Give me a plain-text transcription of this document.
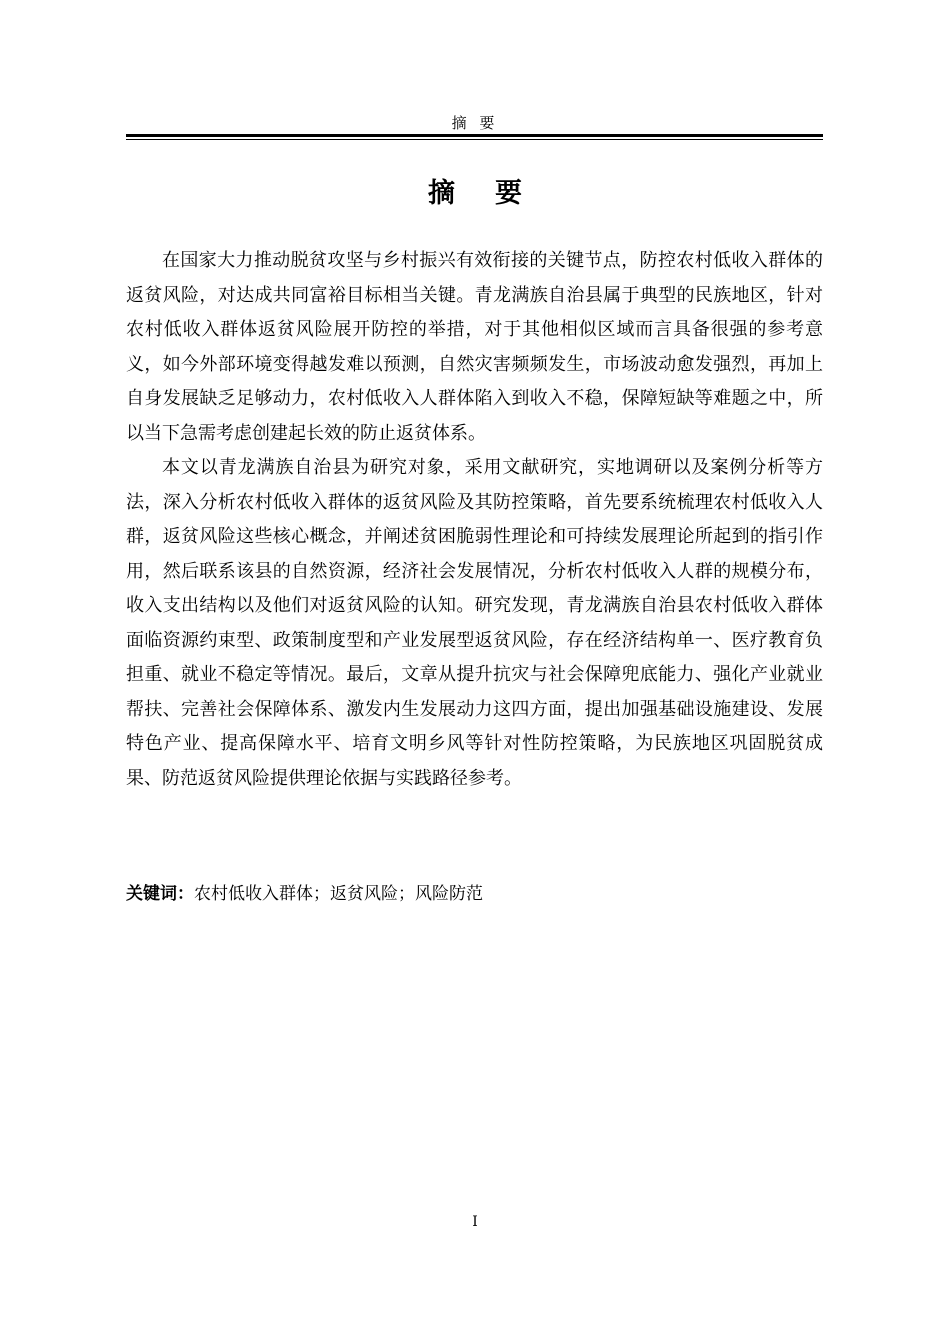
摘 要
摘要

在国家大力推动脱贫攻坚与乡村振兴有效衔接的关键节点，防控农村低收入群体的返贫风险，对达成共同富裕目标相当关键。青龙满族自治县属于典型的民族地区，针对农村低收入群体返贫风险展开防控的举措，对于其他相似区域而言具备很强的参考意义，如今外部环境变得越发难以预测，自然灾害频频发生，市场波动愈发强烈，再加上自身发展缺乏足够动力，农村低收入人群体陷入到收入不稳，保障短缺等难题之中，所以当下急需考虑创建起长效的防止返贫体系。

本文以青龙满族自治县为研究对象，采用文献研究，实地调研以及案例分析等方法，深入分析农村低收入群体的返贫风险及其防控策略，首先要系统梳理农村低收入人群，返贫风险这些核心概念，并阐述贫困脆弱性理论和可持续发展理论所起到的指引作用，然后联系该县的自然资源，经济社会发展情况，分析农村低收入人群的规模分布，收入支出结构以及他们对返贫风险的认知。研究发现，青龙满族自治县农村低收入群体面临资源约束型、政策制度型和产业发展型返贫风险，存在经济结构单一、医疗教育负担重、就业不稳定等情况。最后，文章从提升抗灾与社会保障兜底能力、强化产业就业帮扶、完善社会保障体系、激发内生发展动力这四方面，提出加强基础设施建设、发展特色产业、提高保障水平、培育文明乡风等针对性防控策略，为民族地区巩固脱贫成果、防范返贫风险提供理论依据与实践路径参考。

关键词：农村低收入群体；返贫风险；风险防范
I
